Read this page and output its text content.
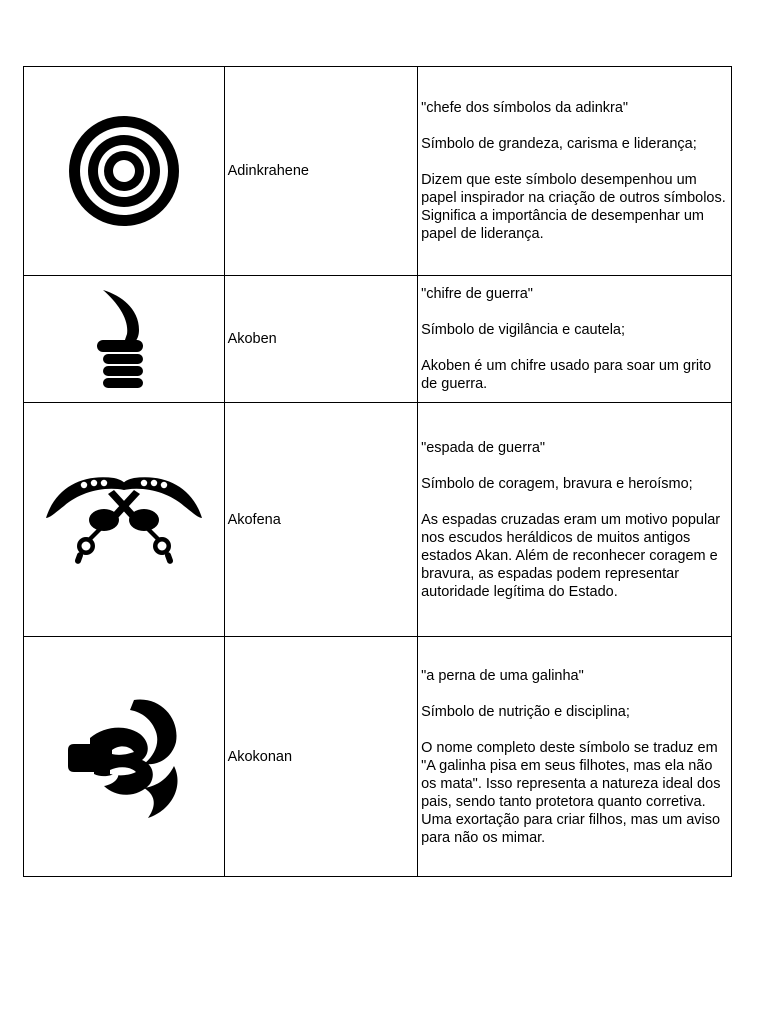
	Adinkrahene	"chefe dos símbolos da adinkra"

Símbolo de grandeza, carisma e liderança;

Dizem que este símbolo desempenhou um papel inspirador na criação de outros símbolos. Significa a importância de desempenhar um papel de liderança.

	Akoben	"chifre de guerra"

Símbolo de vigilância e cautela;

Akoben é um chifre usado para soar um grito de guerra.

	Akofena	"espada de guerra"

Símbolo de coragem, bravura e heroísmo;

As espadas cruzadas eram um motivo popular nos escudos heráldicos de muitos antigos estados Akan. Além de reconhecer coragem e bravura, as espadas podem representar autoridade legítima do Estado.

	Akokonan	"a perna de uma galinha"

Símbolo de nutrição e disciplina;

O nome completo deste símbolo se traduz em "A galinha pisa em seus filhotes, mas ela não os mata". Isso representa a natureza ideal dos pais, sendo tanto protetora quanto corretiva. Uma exortação para criar filhos, mas um aviso para não os mimar.
